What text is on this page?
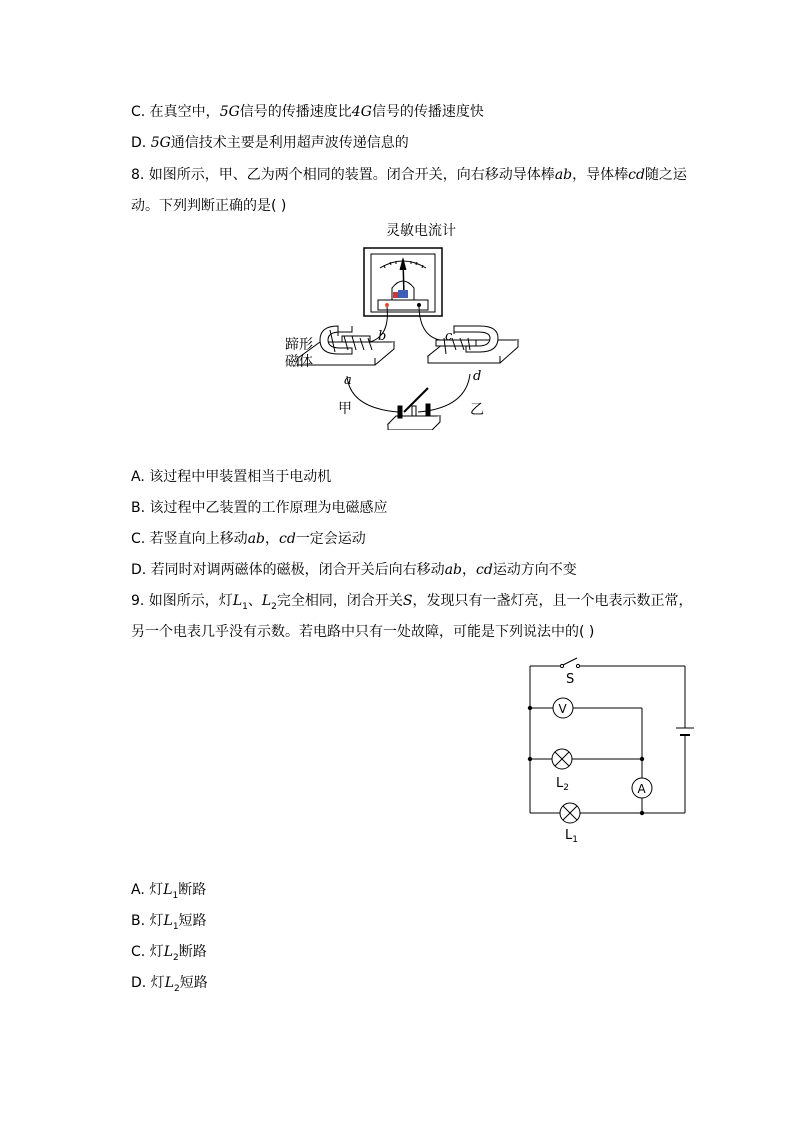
C. 在真空中，5G信号的传播速度比4G信号的传播速度快
D. 5G通信技术主要是利用超声波传递信息的
8. 如图所示，甲、乙为两个相同的装置。闭合开关，向右移动导体棒ab，导体棒cd随之运
动。下列判断正确的是( )
灵敏电流计
蹄形
磁体
b
a
c
d
甲	乙
A. 该过程中甲装置相当于电动机
B. 该过程中乙装置的工作原理为电磁感应
C. 若竖直向上移动ab，cd一定会运动
D. 若同时对调两磁体的磁极，闭合开关后向右移动ab，cd运动方向不变
9. 如图所示，灯$L_1$、$L_2$完全相同，闭合开关S，发现只有一盏灯亮，且一个电表示数正常，
另一个电表几乎没有示数。若电路中只有一处故障，可能是下列说法中的( )
S
V
A
$L_2$
$L_1$
A. 灯$L_1$断路
B. 灯$L_1$短路
C. 灯$L_2$断路
D. 灯$L_2$短路
